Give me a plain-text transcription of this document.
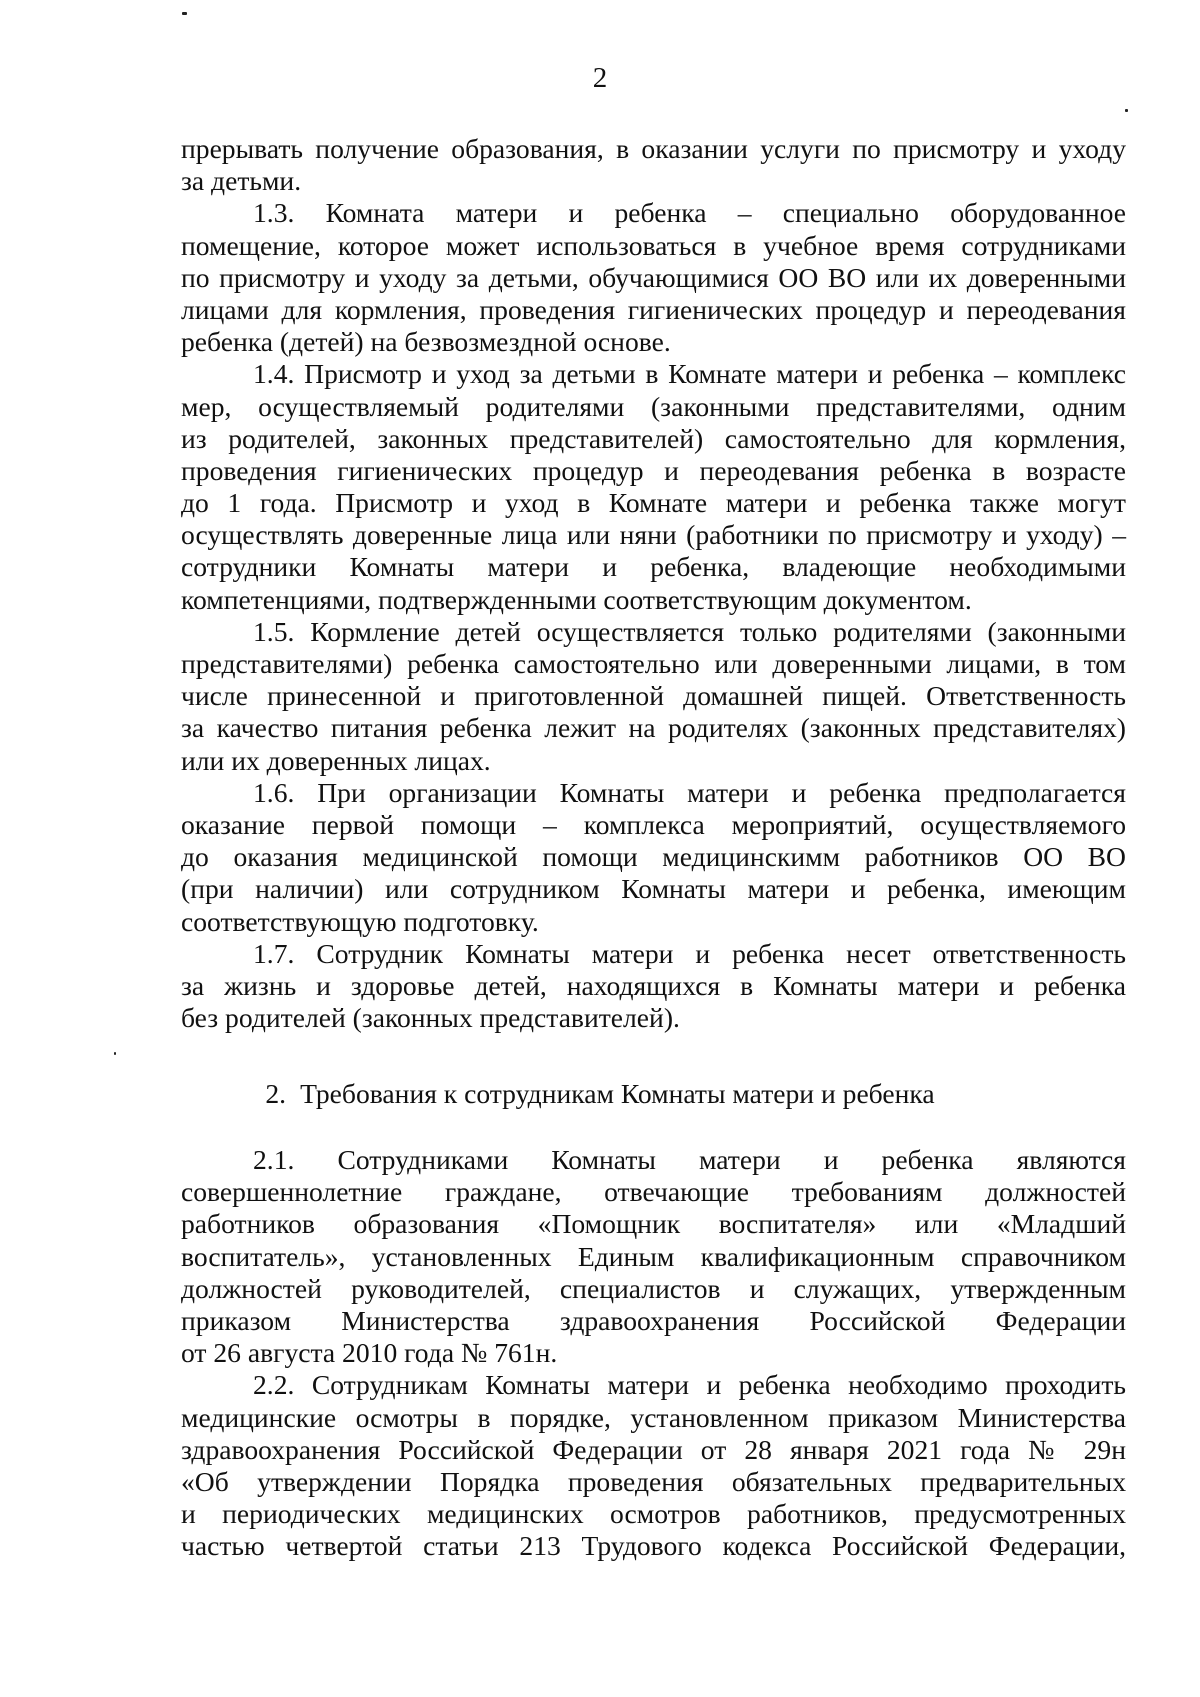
2
прерывать получение образования, в оказании услуги по присмотру и уходу
за детьми.
1.3. Комната матери и ребенка – специально оборудованное
помещение, которое может использоваться в учебное время сотрудниками
по присмотру и уходу за детьми, обучающимися ОО ВО или их доверенными
лицами для кормления, проведения гигиенических процедур и переодевания
ребенка (детей) на безвозмездной основе.
1.4. Присмотр и уход за детьми в Комнате матери и ребенка – комплекс
мер, осуществляемый родителями (законными представителями, одним
из родителей, законных представителей) самостоятельно для кормления,
проведения гигиенических процедур и переодевания ребенка в возрасте
до 1 года. Присмотр и уход в Комнате матери и ребенка также могут
осуществлять доверенные лица или няни (работники по присмотру и уходу) –
сотрудники Комнаты матери и ребенка, владеющие необходимыми
компетенциями, подтвержденными соответствующим документом.
1.5. Кормление детей осуществляется только родителями (законными
представителями) ребенка самостоятельно или доверенными лицами, в том
числе принесенной и приготовленной домашней пищей. Ответственность
за качество питания ребенка лежит на родителях (законных представителях)
или их доверенных лицах.
1.6. При организации Комнаты матери и ребенка предполагается
оказание первой помощи – комплекса мероприятий, осуществляемого
до оказания медицинской помощи медицинскимм работников ОО ВО
(при наличии) или сотрудником Комнаты матери и ребенка, имеющим
соответствующую подготовку.
1.7. Сотрудник Комнаты матери и ребенка несет ответственность
за жизнь и здоровье детей, находящихся в Комнаты матери и ребенка
без родителей (законных представителей).
2. Требования к сотрудникам Комнаты матери и ребенка
2.1. Сотрудниками Комнаты матери и ребенка являются
совершеннолетние граждане, отвечающие требованиям должностей
работников образования «Помощник воспитателя» или «Младший
воспитатель», установленных Единым квалификационным справочником
должностей руководителей, специалистов и служащих, утвержденным
приказом Министерства здравоохранения Российской Федерации
от 26 августа 2010 года № 761н.
2.2. Сотрудникам Комнаты матери и ребенка необходимо проходить
медицинские осмотры в порядке, установленном приказом Министерства
здравоохранения Российской Федерации от 28 января 2021 года № 29н
«Об утверждении Порядка проведения обязательных предварительных
и периодических медицинских осмотров работников, предусмотренных
частью четвертой статьи 213 Трудового кодекса Российской Федерации,
